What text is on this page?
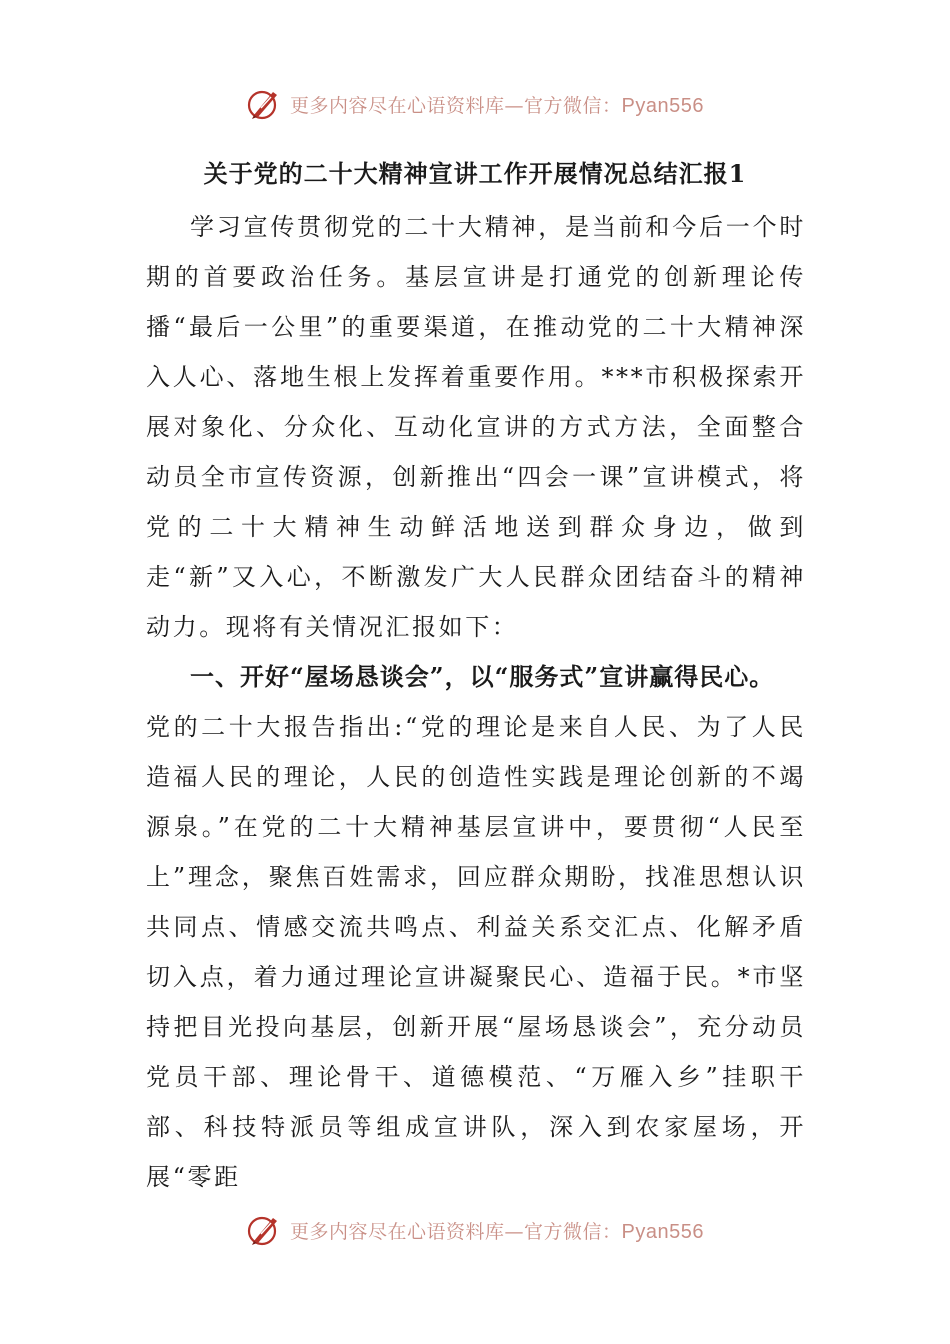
更多内容尽在心语资料库—官方微信：Pyan556
关于党的二十大精神宣讲工作开展情况总结汇报1

学习宣传贯彻党的二十大精神，是当前和今后一个时期的首要政治任务。基层宣讲是打通党的创新理论传播“最后一公里”的重要渠道，在推动党的二十大精神深入人心、落地生根上发挥着重要作用。***市积极探索开展对象化、分众化、互动化宣讲的方式方法，全面整合动员全市宣传资源，创新推出“四会一课”宣讲模式，将党的二十大精神生动鲜活地送到群众身边，做到走“新”又入心，不断激发广大人民群众团结奋斗的精神动力。现将有关情况汇报如下：

一、开好“屋场恳谈会”，以“服务式”宣讲赢得民心。

党的二十大报告指出:“党的理论是来自人民、为了人民造福人民的理论，人民的创造性实践是理论创新的不竭源泉。”在党的二十大精神基层宣讲中，要贯彻“人民至上”理念，聚焦百姓需求，回应群众期盼，找准思想认识共同点、情感交流共鸣点、利益关系交汇点、化解矛盾切入点，着力通过理论宣讲凝聚民心、造福于民。*市坚持把目光投向基层，创新开展“屋场恳谈会”，充分动员党员干部、理论骨干、道德模范、“万雁入乡”挂职干部、科技特派员等组成宣讲队，深入到农家屋场，开展“零距

更多内容尽在心语资料库—官方微信：Pyan556
